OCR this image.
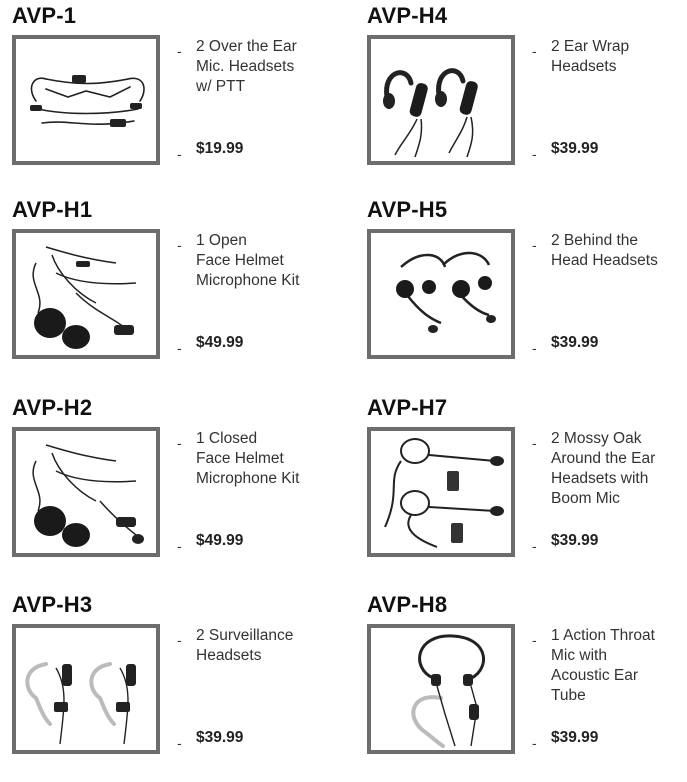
AVP-1
- 2 Over the Ear
Mic. Headsets
w/ PTT
- $19.99
AVP-H4
- 2 Ear Wrap
Headsets
- $39.99
AVP-H1
- 1 Open
Face Helmet
Microphone Kit
- $49.99
AVP-H5
- 2 Behind the
Head Headsets
- $39.99
AVP-H2
- 1 Closed
Face Helmet
Microphone Kit
- $49.99
AVP-H7
- 2 Mossy Oak
Around the Ear
Headsets with
Boom Mic
- $39.99
AVP-H3
- 2 Surveillance
Headsets
- $39.99
AVP-H8
- 1 Action Throat
Mic with
Acoustic Ear
Tube
- $39.99
